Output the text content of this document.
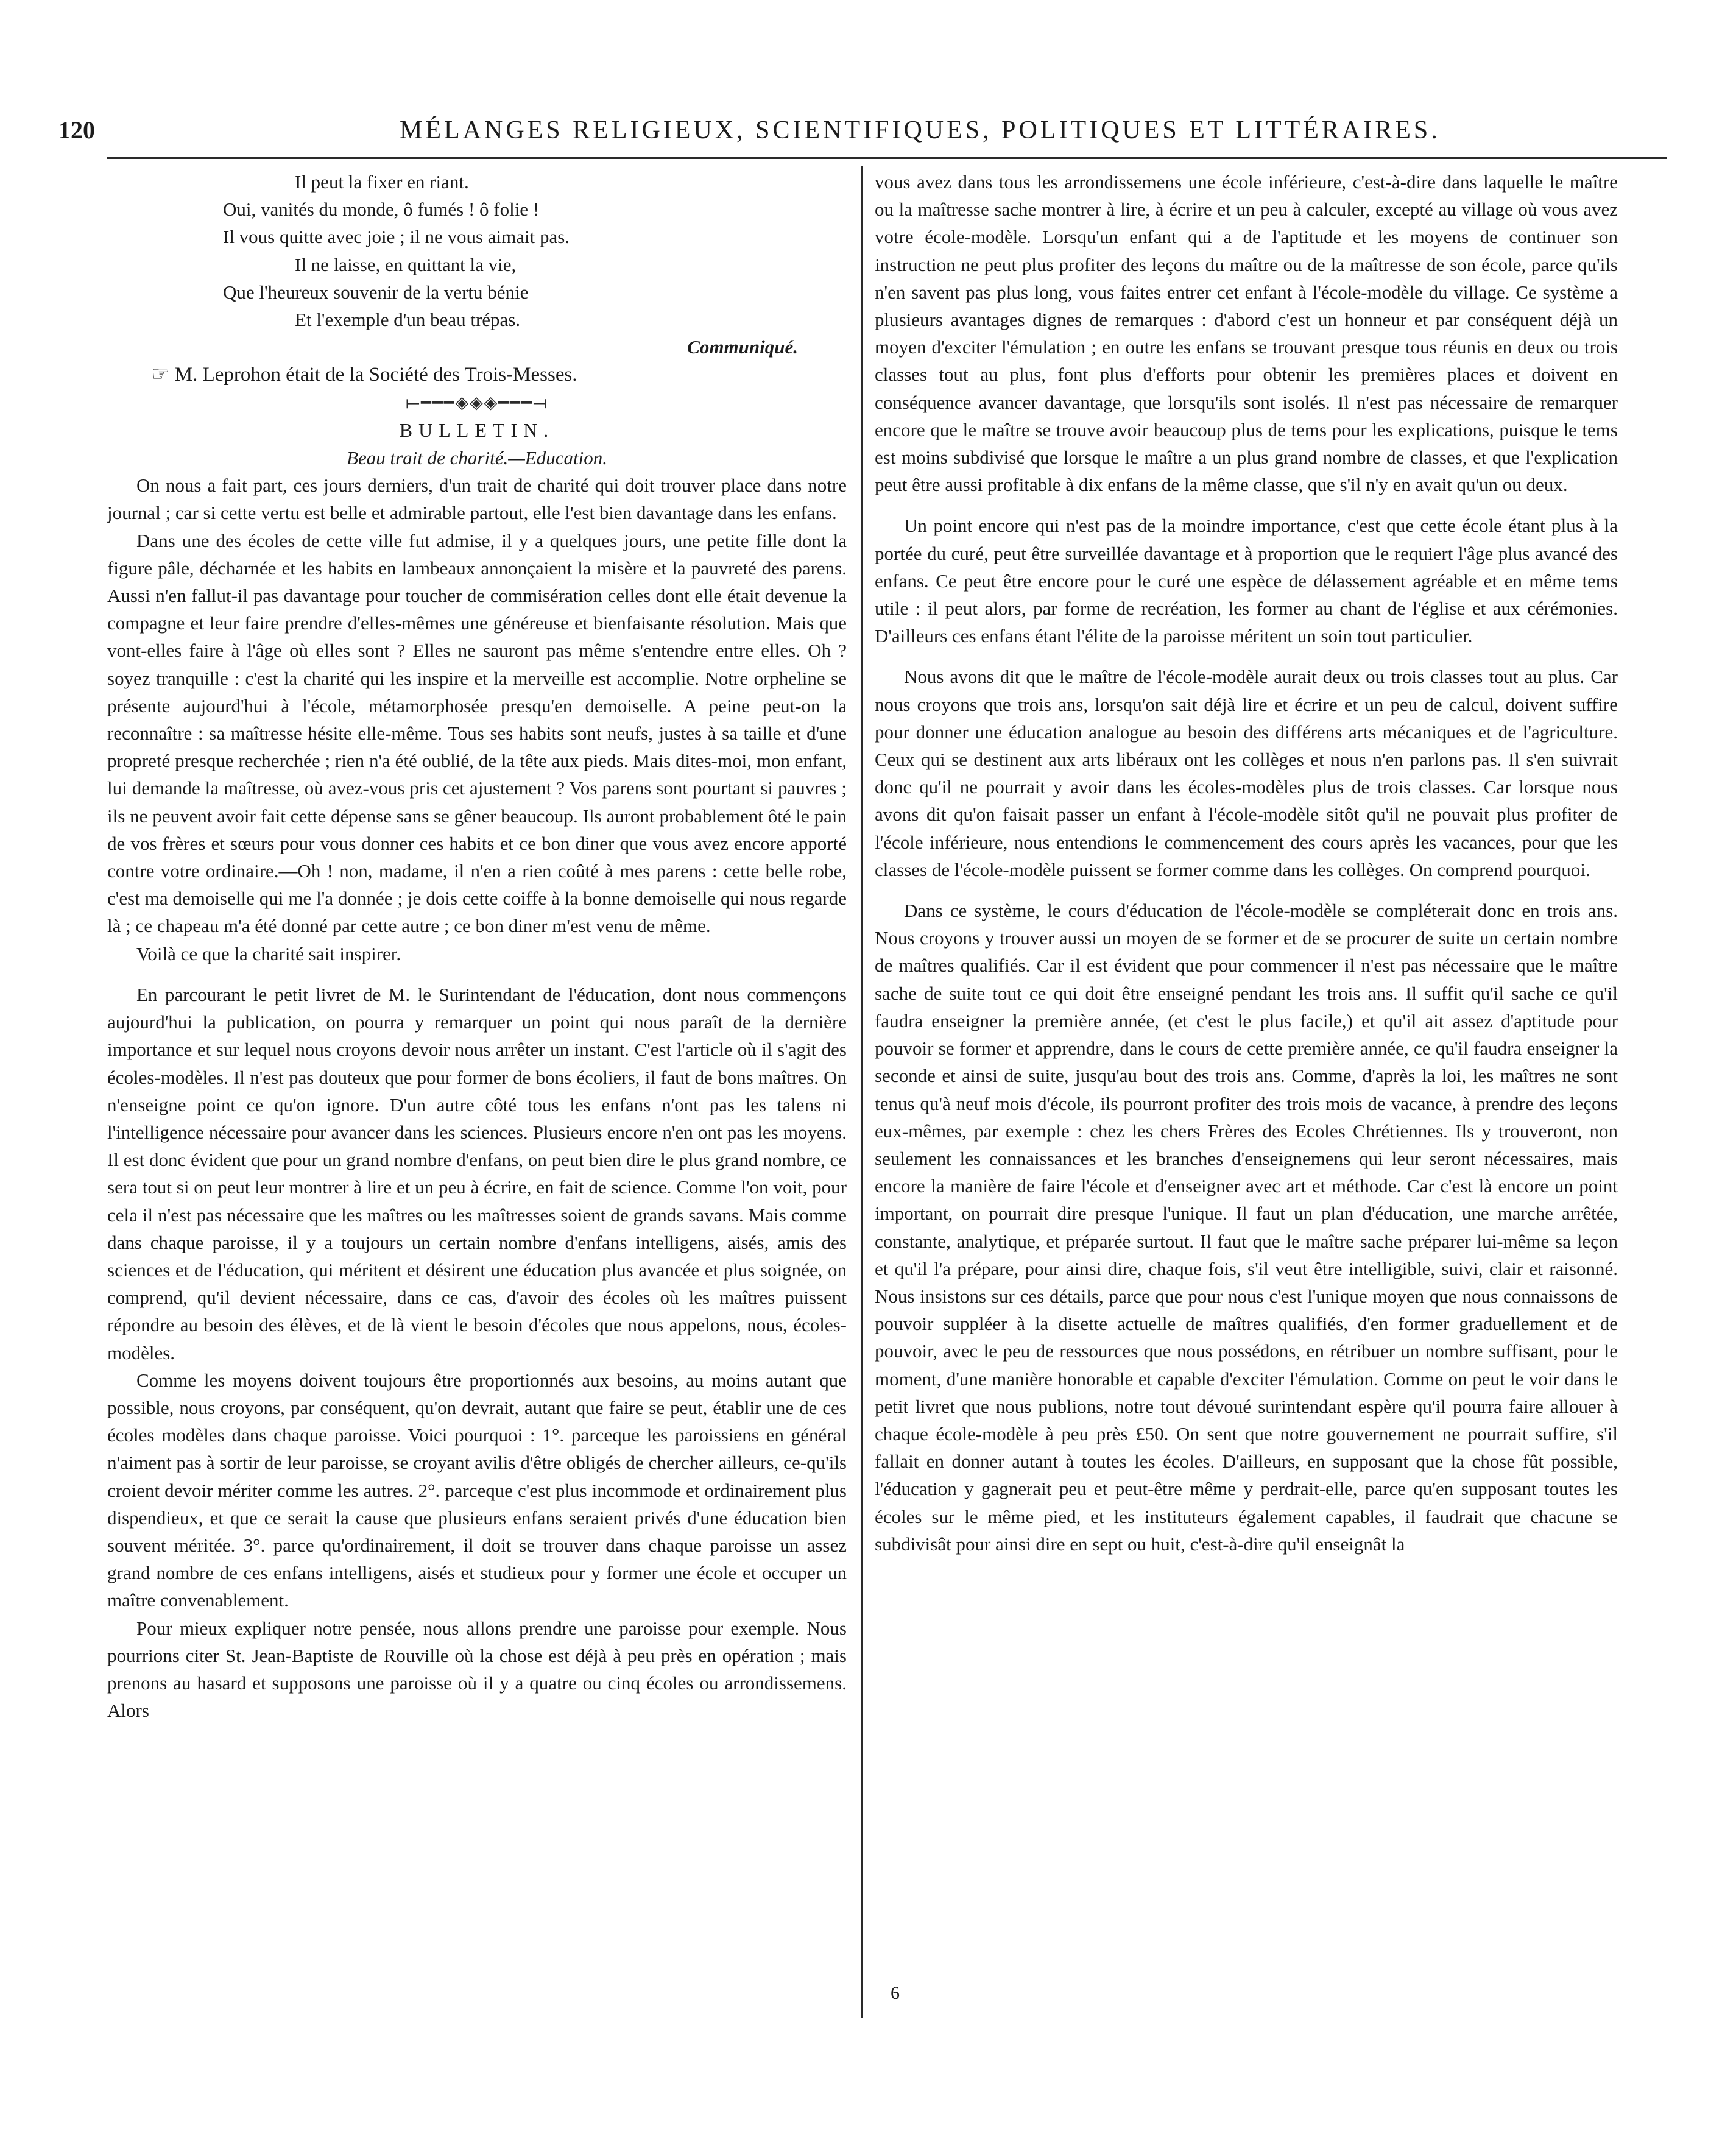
120	MÉLANGES RELIGIEUX, SCIENTIFIQUES, POLITIQUES ET LITTÉRAIRES.
Il peut la fixer en riant.
Oui, vanités du monde, ô fumés ! ô folie !
Il vous quitte avec joie ; il ne vous aimait pas.
Il ne laisse, en quittant la vie,
Que l'heureux souvenir de la vertu bénie
Et l'exemple d'un beau trépas.
Communiqué.
☞ M. Leprohon était de la Société des Trois-Messes.
⟝━━━◈◈◈━━━⟞
BULLETIN.
Beau trait de charité.—Education.

On nous a fait part, ces jours derniers, d'un trait de charité qui doit trouver place dans notre journal ; car si cette vertu est belle et admirable partout, elle l'est bien davantage dans les enfans.

Dans une des écoles de cette ville fut admise, il y a quelques jours, une petite fille dont la figure pâle, décharnée et les habits en lambeaux annonçaient la misère et la pauvreté des parens. Aussi n'en fallut-il pas davantage pour toucher de commisération celles dont elle était devenue la compagne et leur faire prendre d'elles-mêmes une généreuse et bienfaisante résolution. Mais que vont-elles faire à l'âge où elles sont ? Elles ne sauront pas même s'entendre entre elles. Oh ? soyez tranquille : c'est la charité qui les inspire et la merveille est accomplie. Notre orpheline se présente aujourd'hui à l'école, métamorphosée presqu'en demoiselle. A peine peut-on la reconnaître : sa maîtresse hésite elle-même. Tous ses habits sont neufs, justes à sa taille et d'une propreté presque recherchée ; rien n'a été oublié, de la tête aux pieds. Mais dites-moi, mon enfant, lui demande la maîtresse, où avez-vous pris cet ajustement ? Vos parens sont pourtant si pauvres ; ils ne peuvent avoir fait cette dépense sans se gêner beaucoup. Ils auront probablement ôté le pain de vos frères et sœurs pour vous donner ces habits et ce bon diner que vous avez encore apporté contre votre ordinaire.—Oh ! non, madame, il n'en a rien coûté à mes parens : cette belle robe, c'est ma demoiselle qui me l'a donnée ; je dois cette coiffe à la bonne demoiselle qui nous regarde là ; ce chapeau m'a été donné par cette autre ; ce bon diner m'est venu de même.

Voilà ce que la charité sait inspirer.

En parcourant le petit livret de M. le Surintendant de l'éducation, dont nous commençons aujourd'hui la publication, on pourra y remarquer un point qui nous paraît de la dernière importance et sur lequel nous croyons devoir nous arrêter un instant. C'est l'article où il s'agit des écoles-modèles. Il n'est pas douteux que pour former de bons écoliers, il faut de bons maîtres. On n'enseigne point ce qu'on ignore. D'un autre côté tous les enfans n'ont pas les talens ni l'intelligence nécessaire pour avancer dans les sciences. Plusieurs encore n'en ont pas les moyens. Il est donc évident que pour un grand nombre d'enfans, on peut bien dire le plus grand nombre, ce sera tout si on peut leur montrer à lire et un peu à écrire, en fait de science. Comme l'on voit, pour cela il n'est pas nécessaire que les maîtres ou les maîtresses soient de grands savans. Mais comme dans chaque paroisse, il y a toujours un certain nombre d'enfans intelligens, aisés, amis des sciences et de l'éducation, qui méritent et désirent une éducation plus avancée et plus soignée, on comprend, qu'il devient nécessaire, dans ce cas, d'avoir des écoles où les maîtres puissent répondre au besoin des élèves, et de là vient le besoin d'écoles que nous appelons, nous, écoles-modèles.

Comme les moyens doivent toujours être proportionnés aux besoins, au moins autant que possible, nous croyons, par conséquent, qu'on devrait, autant que faire se peut, établir une de ces écoles modèles dans chaque paroisse. Voici pourquoi : 1°. parceque les paroissiens en général n'aiment pas à sortir de leur paroisse, se croyant avilis d'être obligés de chercher ailleurs, ce-qu'ils croient devoir mériter comme les autres. 2°. parceque c'est plus incommode et ordinairement plus dispendieux, et que ce serait la cause que plusieurs enfans seraient privés d'une éducation bien souvent méritée. 3°. parce qu'ordinairement, il doit se trouver dans chaque paroisse un assez grand nombre de ces enfans intelligens, aisés et studieux pour y former une école et occuper un maître convenablement.

Pour mieux expliquer notre pensée, nous allons prendre une paroisse pour exemple. Nous pourrions citer St. Jean-Baptiste de Rouville où la chose est déjà à peu près en opération ; mais prenons au hasard et supposons une paroisse où il y a quatre ou cinq écoles ou arrondissemens. Alors

vous avez dans tous les arrondissemens une école inférieure, c'est-à-dire dans laquelle le maître ou la maîtresse sache montrer à lire, à écrire et un peu à calculer, excepté au village où vous avez votre école-modèle. Lorsqu'un enfant qui a de l'aptitude et les moyens de continuer son instruction ne peut plus profiter des leçons du maître ou de la maîtresse de son école, parce qu'ils n'en savent pas plus long, vous faites entrer cet enfant à l'école-modèle du village. Ce système a plusieurs avantages dignes de remarques : d'abord c'est un honneur et par conséquent déjà un moyen d'exciter l'émulation ; en outre les enfans se trouvant presque tous réunis en deux ou trois classes tout au plus, font plus d'efforts pour obtenir les premières places et doivent en conséquence avancer davantage, que lorsqu'ils sont isolés. Il n'est pas nécessaire de remarquer encore que le maître se trouve avoir beaucoup plus de tems pour les explications, puisque le tems est moins subdivisé que lorsque le maître a un plus grand nombre de classes, et que l'explication peut être aussi profitable à dix enfans de la même classe, que s'il n'y en avait qu'un ou deux.

Un point encore qui n'est pas de la moindre importance, c'est que cette école étant plus à la portée du curé, peut être surveillée davantage et à proportion que le requiert l'âge plus avancé des enfans. Ce peut être encore pour le curé une espèce de délassement agréable et en même tems utile : il peut alors, par forme de recréation, les former au chant de l'église et aux cérémonies. D'ailleurs ces enfans étant l'élite de la paroisse méritent un soin tout particulier.

Nous avons dit que le maître de l'école-modèle aurait deux ou trois classes tout au plus. Car nous croyons que trois ans, lorsqu'on sait déjà lire et écrire et un peu de calcul, doivent suffire pour donner une éducation analogue au besoin des différens arts mécaniques et de l'agriculture. Ceux qui se destinent aux arts libéraux ont les collèges et nous n'en parlons pas. Il s'en suivrait donc qu'il ne pourrait y avoir dans les écoles-modèles plus de trois classes. Car lorsque nous avons dit qu'on faisait passer un enfant à l'école-modèle sitôt qu'il ne pouvait plus profiter de l'école inférieure, nous entendions le commencement des cours après les vacances, pour que les classes de l'école-modèle puissent se former comme dans les collèges. On comprend pourquoi.

Dans ce système, le cours d'éducation de l'école-modèle se compléterait donc en trois ans. Nous croyons y trouver aussi un moyen de se former et de se procurer de suite un certain nombre de maîtres qualifiés. Car il est évident que pour commencer il n'est pas nécessaire que le maître sache de suite tout ce qui doit être enseigné pendant les trois ans. Il suffit qu'il sache ce qu'il faudra enseigner la première année, (et c'est le plus facile,) et qu'il ait assez d'aptitude pour pouvoir se former et apprendre, dans le cours de cette première année, ce qu'il faudra enseigner la seconde et ainsi de suite, jusqu'au bout des trois ans. Comme, d'après la loi, les maîtres ne sont tenus qu'à neuf mois d'école, ils pourront profiter des trois mois de vacance, à prendre des leçons eux-mêmes, par exemple : chez les chers Frères des Ecoles Chrétiennes. Ils y trouveront, non seulement les connaissances et les branches d'enseignemens qui leur seront nécessaires, mais encore la manière de faire l'école et d'enseigner avec art et méthode. Car c'est là encore un point important, on pourrait dire presque l'unique. Il faut un plan d'éducation, une marche arrêtée, constante, analytique, et préparée surtout. Il faut que le maître sache préparer lui-même sa leçon et qu'il l'a prépare, pour ainsi dire, chaque fois, s'il veut être intelligible, suivi, clair et raisonné. Nous insistons sur ces détails, parce que pour nous c'est l'unique moyen que nous connaissons de pouvoir suppléer à la disette actuelle de maîtres qualifiés, d'en former graduellement et de pouvoir, avec le peu de ressources que nous possédons, en rétribuer un nombre suffisant, pour le moment, d'une manière honorable et capable d'exciter l'émulation. Comme on peut le voir dans le petit livret que nous publions, notre tout dévoué surintendant espère qu'il pourra faire allouer à chaque école-modèle à peu près £50. On sent que notre gouvernement ne pourrait suffire, s'il fallait en donner autant à toutes les écoles. D'ailleurs, en supposant que la chose fût possible, l'éducation y gagnerait peu et peut-être même y perdrait-elle, parce qu'en supposant toutes les écoles sur le même pied, et les instituteurs également capables, il faudrait que chacune se subdivisât pour ainsi dire en sept ou huit, c'est-à-dire qu'il enseignât la

6
